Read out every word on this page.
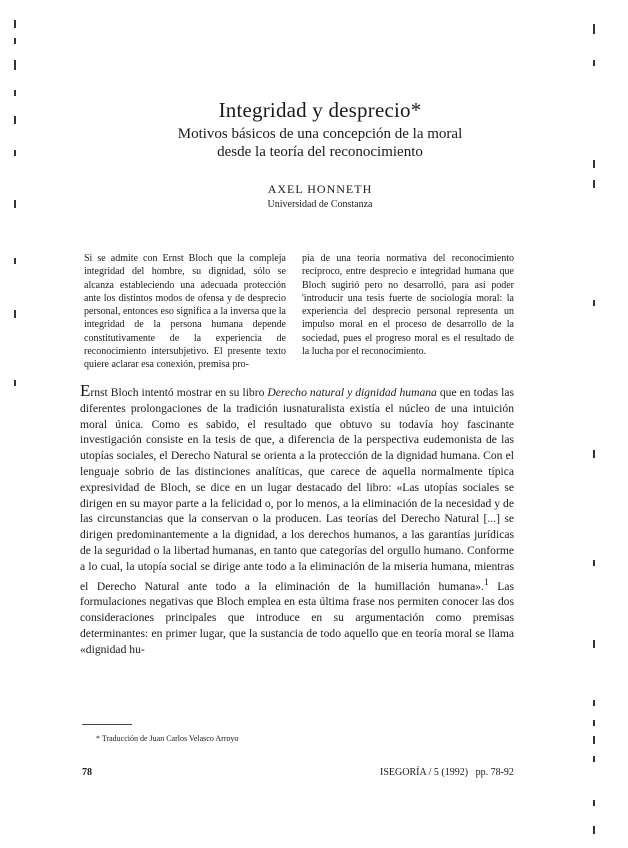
Integridad y desprecio*
Motivos básicos de una concepción de la moral
desde la teoría del reconocimiento
AXEL HONNETH
Universidad de Constanza
Si se admite con Ernst Bloch que la compleja integridad del hombre, su dignidad, sólo se alcanza estableciendo una adecuada protección ante los distintos modos de ofensa y de desprecio personal, entonces eso significa a la inversa que la integridad de la persona humana depende constitutivamente de la experiencia de reconocimiento intersubjetivo. El presente texto quiere aclarar esa conexión, premisa pro-
pia de una teoría normativa del reconocimiento recíproco, entre desprecio e integridad humana que Bloch sugirió pero no desarrolló, para así poder 'introducir una tesis fuerte de sociología moral: la experiencia del desprecio personal representa un impulso moral en el proceso de desarrollo de la sociedad, pues el progreso moral es el resultado de la lucha por el reconocimiento.
Ernst Bloch intentó mostrar en su libro Derecho natural y dignidad humana que en todas las diferentes prolongaciones de la tradición iusnaturalista existía el núcleo de una intuición moral única. Como es sabido, el resultado que obtuvo su todavía hoy fascinante investigación consiste en la tesis de que, a diferencia de la perspectiva eudemonista de las utopías sociales, el Derecho Natural se orienta a la protección de la dignidad humana. Con el lenguaje sobrio de las distinciones analíticas, que carece de aquella normalmente típica expresividad de Bloch, se dice en un lugar destacado del libro: «Las utopías sociales se dirigen en su mayor parte a la felicidad o, por lo menos, a la eliminación de la necesidad y de las circunstancias que la conservan o la producen. Las teorías del Derecho Natural [...] se dirigen predominantemente a la dignidad, a los derechos humanos, a las garantías jurídicas de la seguridad o la libertad humanas, en tanto que categorías del orgullo humano. Conforme a lo cual, la utopía social se dirige ante todo a la eliminación de la miseria humana, mientras el Derecho Natural ante todo a la eliminación de la humillación humana».$^1$ Las formulaciones negativas que Bloch emplea en esta última frase nos permiten conocer las dos consideraciones principales que introduce en su argumentación como premisas determinantes: en primer lugar, que la sustancia de todo aquello que en teoría moral se llama «dignidad hu-
* Traducción de Juan Carlos Velasco Arroyo
78	ISEGORÍA / 5 (1992) pp. 78-92
